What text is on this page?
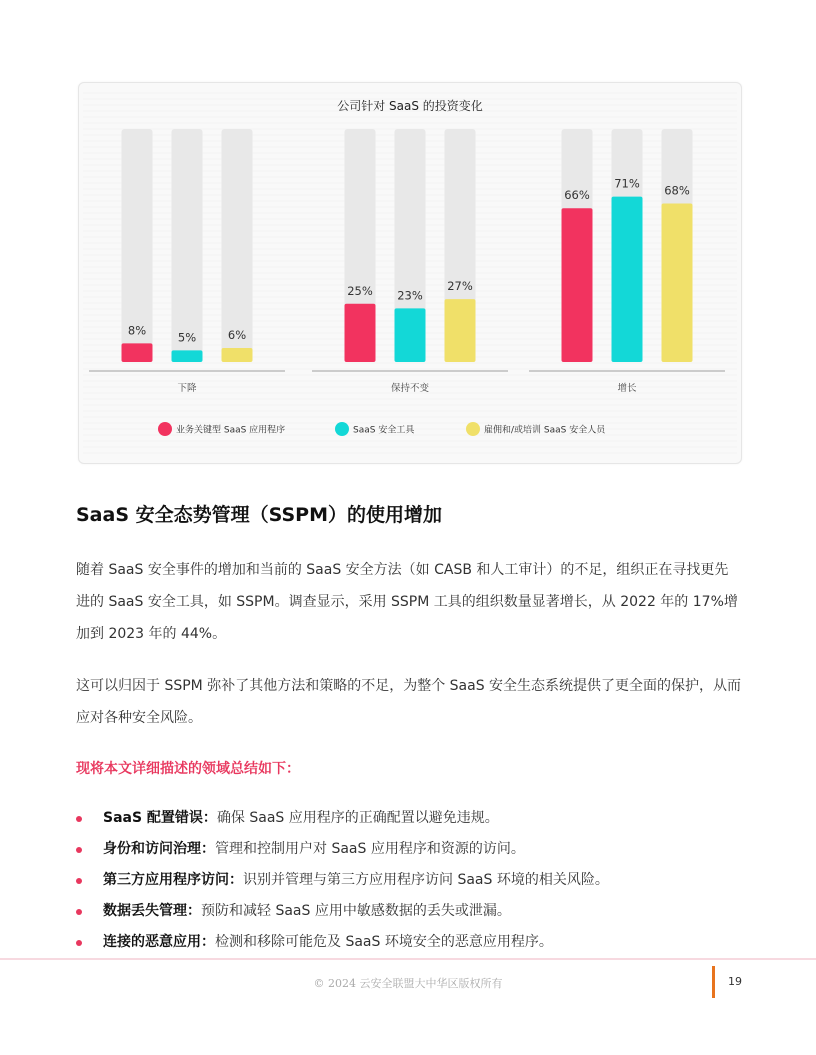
公司针对 SaaS 的投资变化
8%	5%	6%
下降
25% 23%
27%
保持不变
66%
71% 68%
增长
业务关键型 SaaS 应用程序	SaaS 安全工具	雇佣和/或培训 SaaS 安全人员
SaaS 安全态势管理（SSPM）的使用增加

随着 SaaS 安全事件的增加和当前的 SaaS 安全方法（如 CASB 和人工审计）的不足，组织正在寻找更先进的 SaaS 安全工具，如 SSPM。调查显示，采用 SSPM 工具的组织数量显著增长，从 2022 年的 17%增加到 2023 年的 44%。

这可以归因于 SSPM 弥补了其他方法和策略的不足，为整个 SaaS 安全生态系统提供了更全面的保护，从而应对各种安全风险。

现将本文详细描述的领域总结如下：

SaaS 配置错误：确保 SaaS 应用程序的正确配置以避免违规。
身份和访问治理：管理和控制用户对 SaaS 应用程序和资源的访问。
第三方应用程序访问：识别并管理与第三方应用程序访问 SaaS 环境的相关风险。
数据丢失管理：预防和减轻 SaaS 应用中敏感数据的丢失或泄漏。
连接的恶意应用：检测和移除可能危及 SaaS 环境安全的恶意应用程序。
© 2024 云安全联盟大中华区版权所有	19
